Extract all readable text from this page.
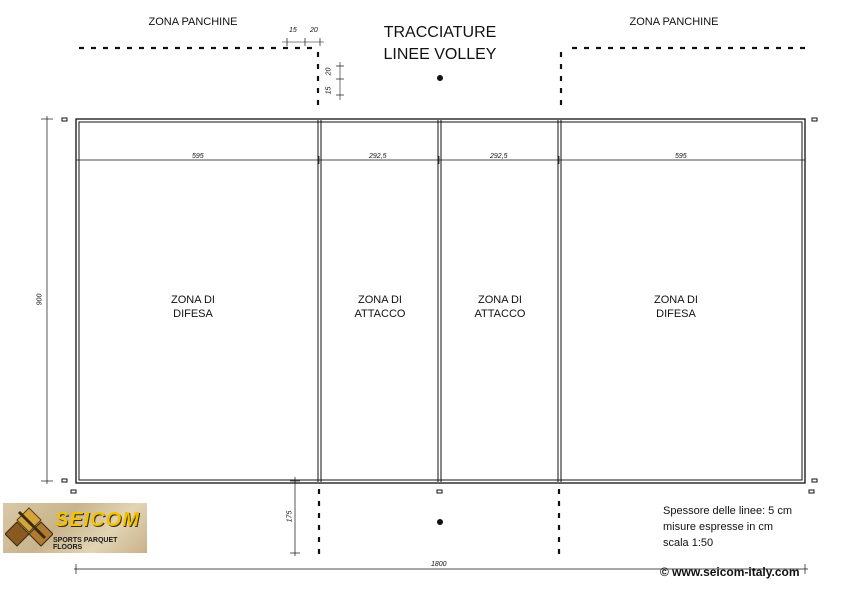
TRACCIATURE
LINEE VOLLEY
ZONA PANCHINE	ZONA PANCHINE
ZONA DI
DIFESA
ZONA DI
ATTACCO
ZONA DI
ATTACCO
ZONA DI
DIFESA
595	292,5	292,5	595
900
1800
175
15 20
20
15
Spessore delle linee: 5 cm
misure espresse in cm
scala 1:50
© www.seicom-italy.com
SEICOM
SPORTS PARQUET FLOORS
